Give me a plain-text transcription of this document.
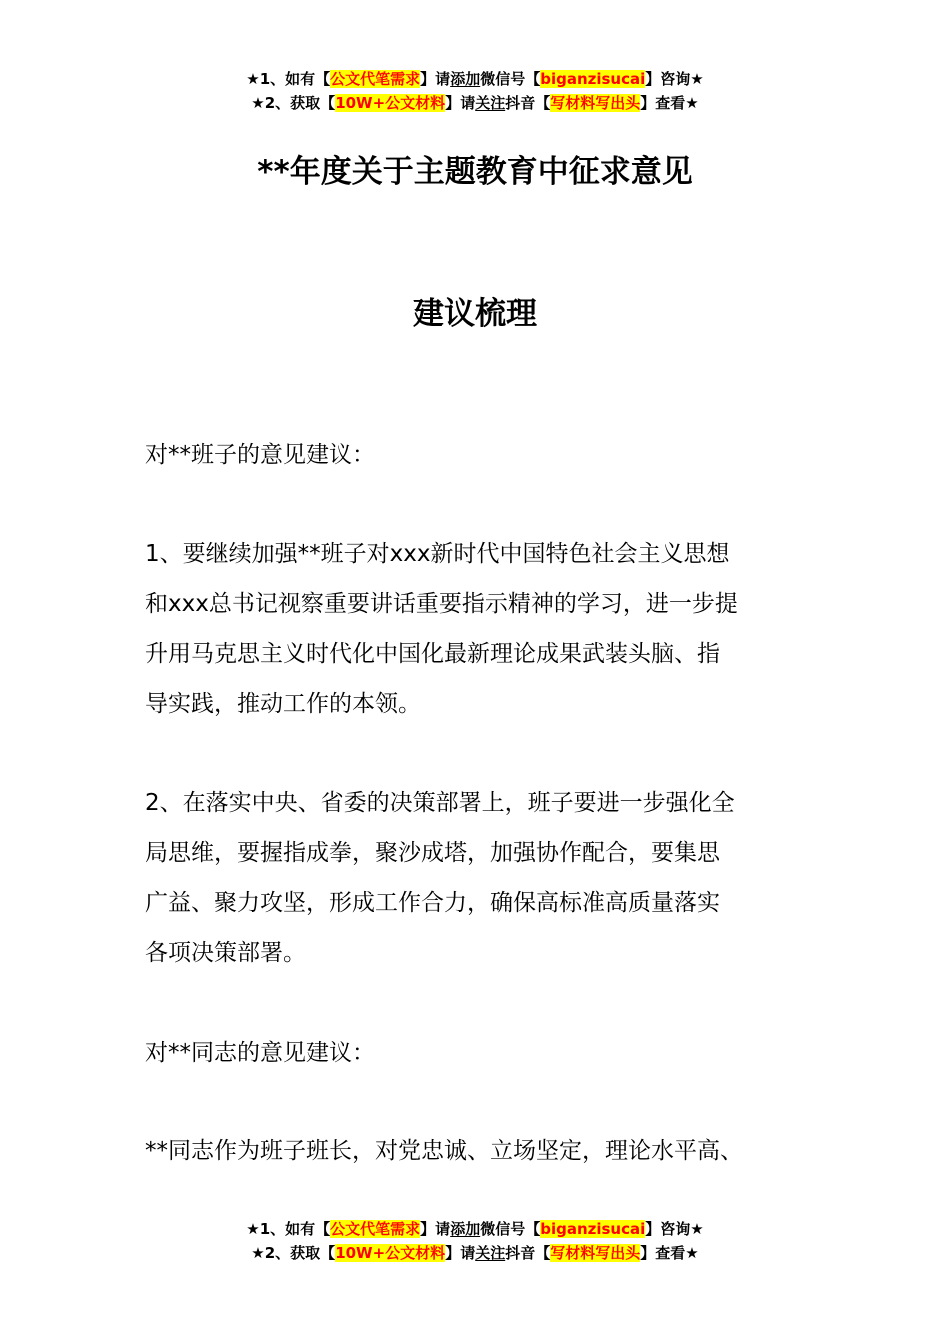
★1、如有【公文代笔需求】请添加微信号【biganzisucai】咨询★
★2、获取【10W+公文材料】请关注抖音【写材料写出头】查看★
**年度关于主题教育中征求意见
建议梳理

对**班子的意见建议：

1、要继续加强**班子对xxx新时代中国特色社会主义思想
和xxx总书记视察重要讲话重要指示精神的学习，进一步提
升用马克思主义时代化中国化最新理论成果武装头脑、指
导实践，推动工作的本领。

2、在落实中央、省委的决策部署上，班子要进一步强化全
局思维，要握指成拳，聚沙成塔，加强协作配合，要集思
广益、聚力攻坚，形成工作合力，确保高标准高质量落实
各项决策部署。

对**同志的意见建议：

**同志作为班子班长，对党忠诚、立场坚定，理论水平高、

★1、如有【公文代笔需求】请添加微信号【biganzisucai】咨询★
★2、获取【10W+公文材料】请关注抖音【写材料写出头】查看★
